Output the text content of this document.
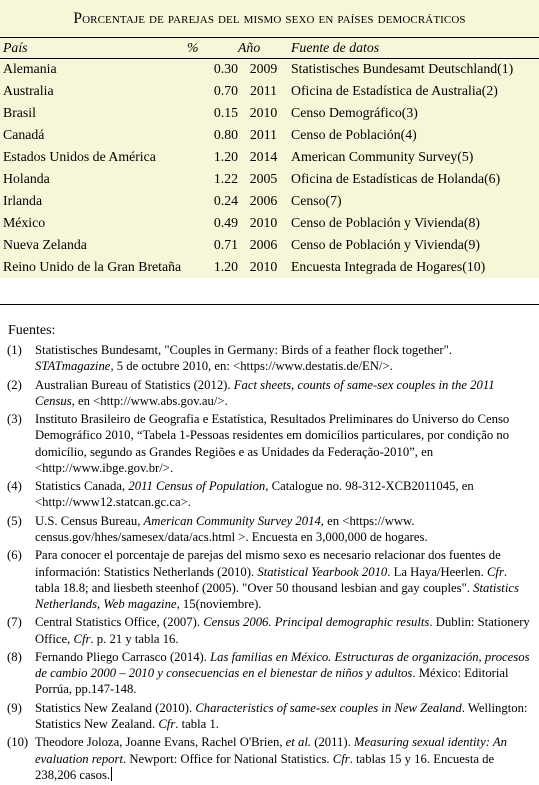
Porcentaje de parejas del mismo sexo en países democráticos
País	%	Año	Fuente de datos
Alemania	0.30	2009	Statistisches Bundesamt Deutschland(1)
Australia	0.70	2011	Oficina de Estadística de Australia(2)
Brasil	0.15	2010	Censo Demográfico(3)
Canadá	0.80	2011	Censo de Población(4)
Estados Unidos de América	1.20	2014	American Community Survey(5)
Holanda	1.22	2005	Oficina de Estadísticas de Holanda(6)
Irlanda	0.24	2006	Censo(7)
México	0.49	2010	Censo de Población y Vivienda(8)
Nueva Zelanda	0.71	2006	Censo de Población y Vivienda(9)
Reino Unido de la Gran Bretaña	1.20	2010	Encuesta Integrada de Hogares(10)
Fuentes:
(1) Statistisches Bundesamt, "Couples in Germany: Birds of a feather flock together". STATmagazine, 5 de octubre 2010, en: <https://www.destatis.de/EN/>.
(2) Australian Bureau of Statistics (2012). Fact sheets, counts of same-sex couples in the 2011 Census, en <http://www.abs.gov.au/>.
(3) Instituto Brasileiro de Geografia e Estatística, Resultados Preliminares do Universo do Censo Demográfico 2010, “Tabela 1-Pessoas residentes em domicílios particulares, por condição no domicílio, segundo as Grandes Regiões e as Unidades da Federação-2010”, en <http://www.ibge.gov.br/>.
(4) Statistics Canada, 2011 Census of Population, Catalogue no. 98-312-XCB2011045, en <http://www12.statcan.gc.ca>.
(5) U.S. Census Bureau, American Community Survey 2014, en <https://www. census.gov/hhes/samesex/data/acs.html >. Encuesta en 3,000,000 de hogares.
(6) Para conocer el porcentaje de parejas del mismo sexo es necesario relacionar dos fuentes de información: Statistics Netherlands (2010). Statistical Yearbook 2010. La Haya/Heerlen. Cfr. tabla 18.8; and liesbeth steenhof (2005). "Over 50 thousand lesbian and gay couples". Statistics Netherlands, Web magazine, 15(noviembre).
(7) Central Statistics Office, (2007). Census 2006. Principal demographic results. Dublin: Stationery Office, Cfr. p. 21 y tabla 16.
(8) Fernando Pliego Carrasco (2014). Las familias en México. Estructuras de organización, procesos de cambio 2000 – 2010 y consecuencias en el bienestar de niños y adultos. México: Editorial Porrúa, pp.147-148.
(9) Statistics New Zealand (2010). Characteristics of same-sex couples in New Zealand. Wellington: Statistics New Zealand. Cfr. tabla 1.
(10) Theodore Joloza, Joanne Evans, Rachel O'Brien, et al. (2011). Measuring sexual identity: An evaluation report. Newport: Office for National Statistics. Cfr. tablas 15 y 16. Encuesta de 238,206 casos.
